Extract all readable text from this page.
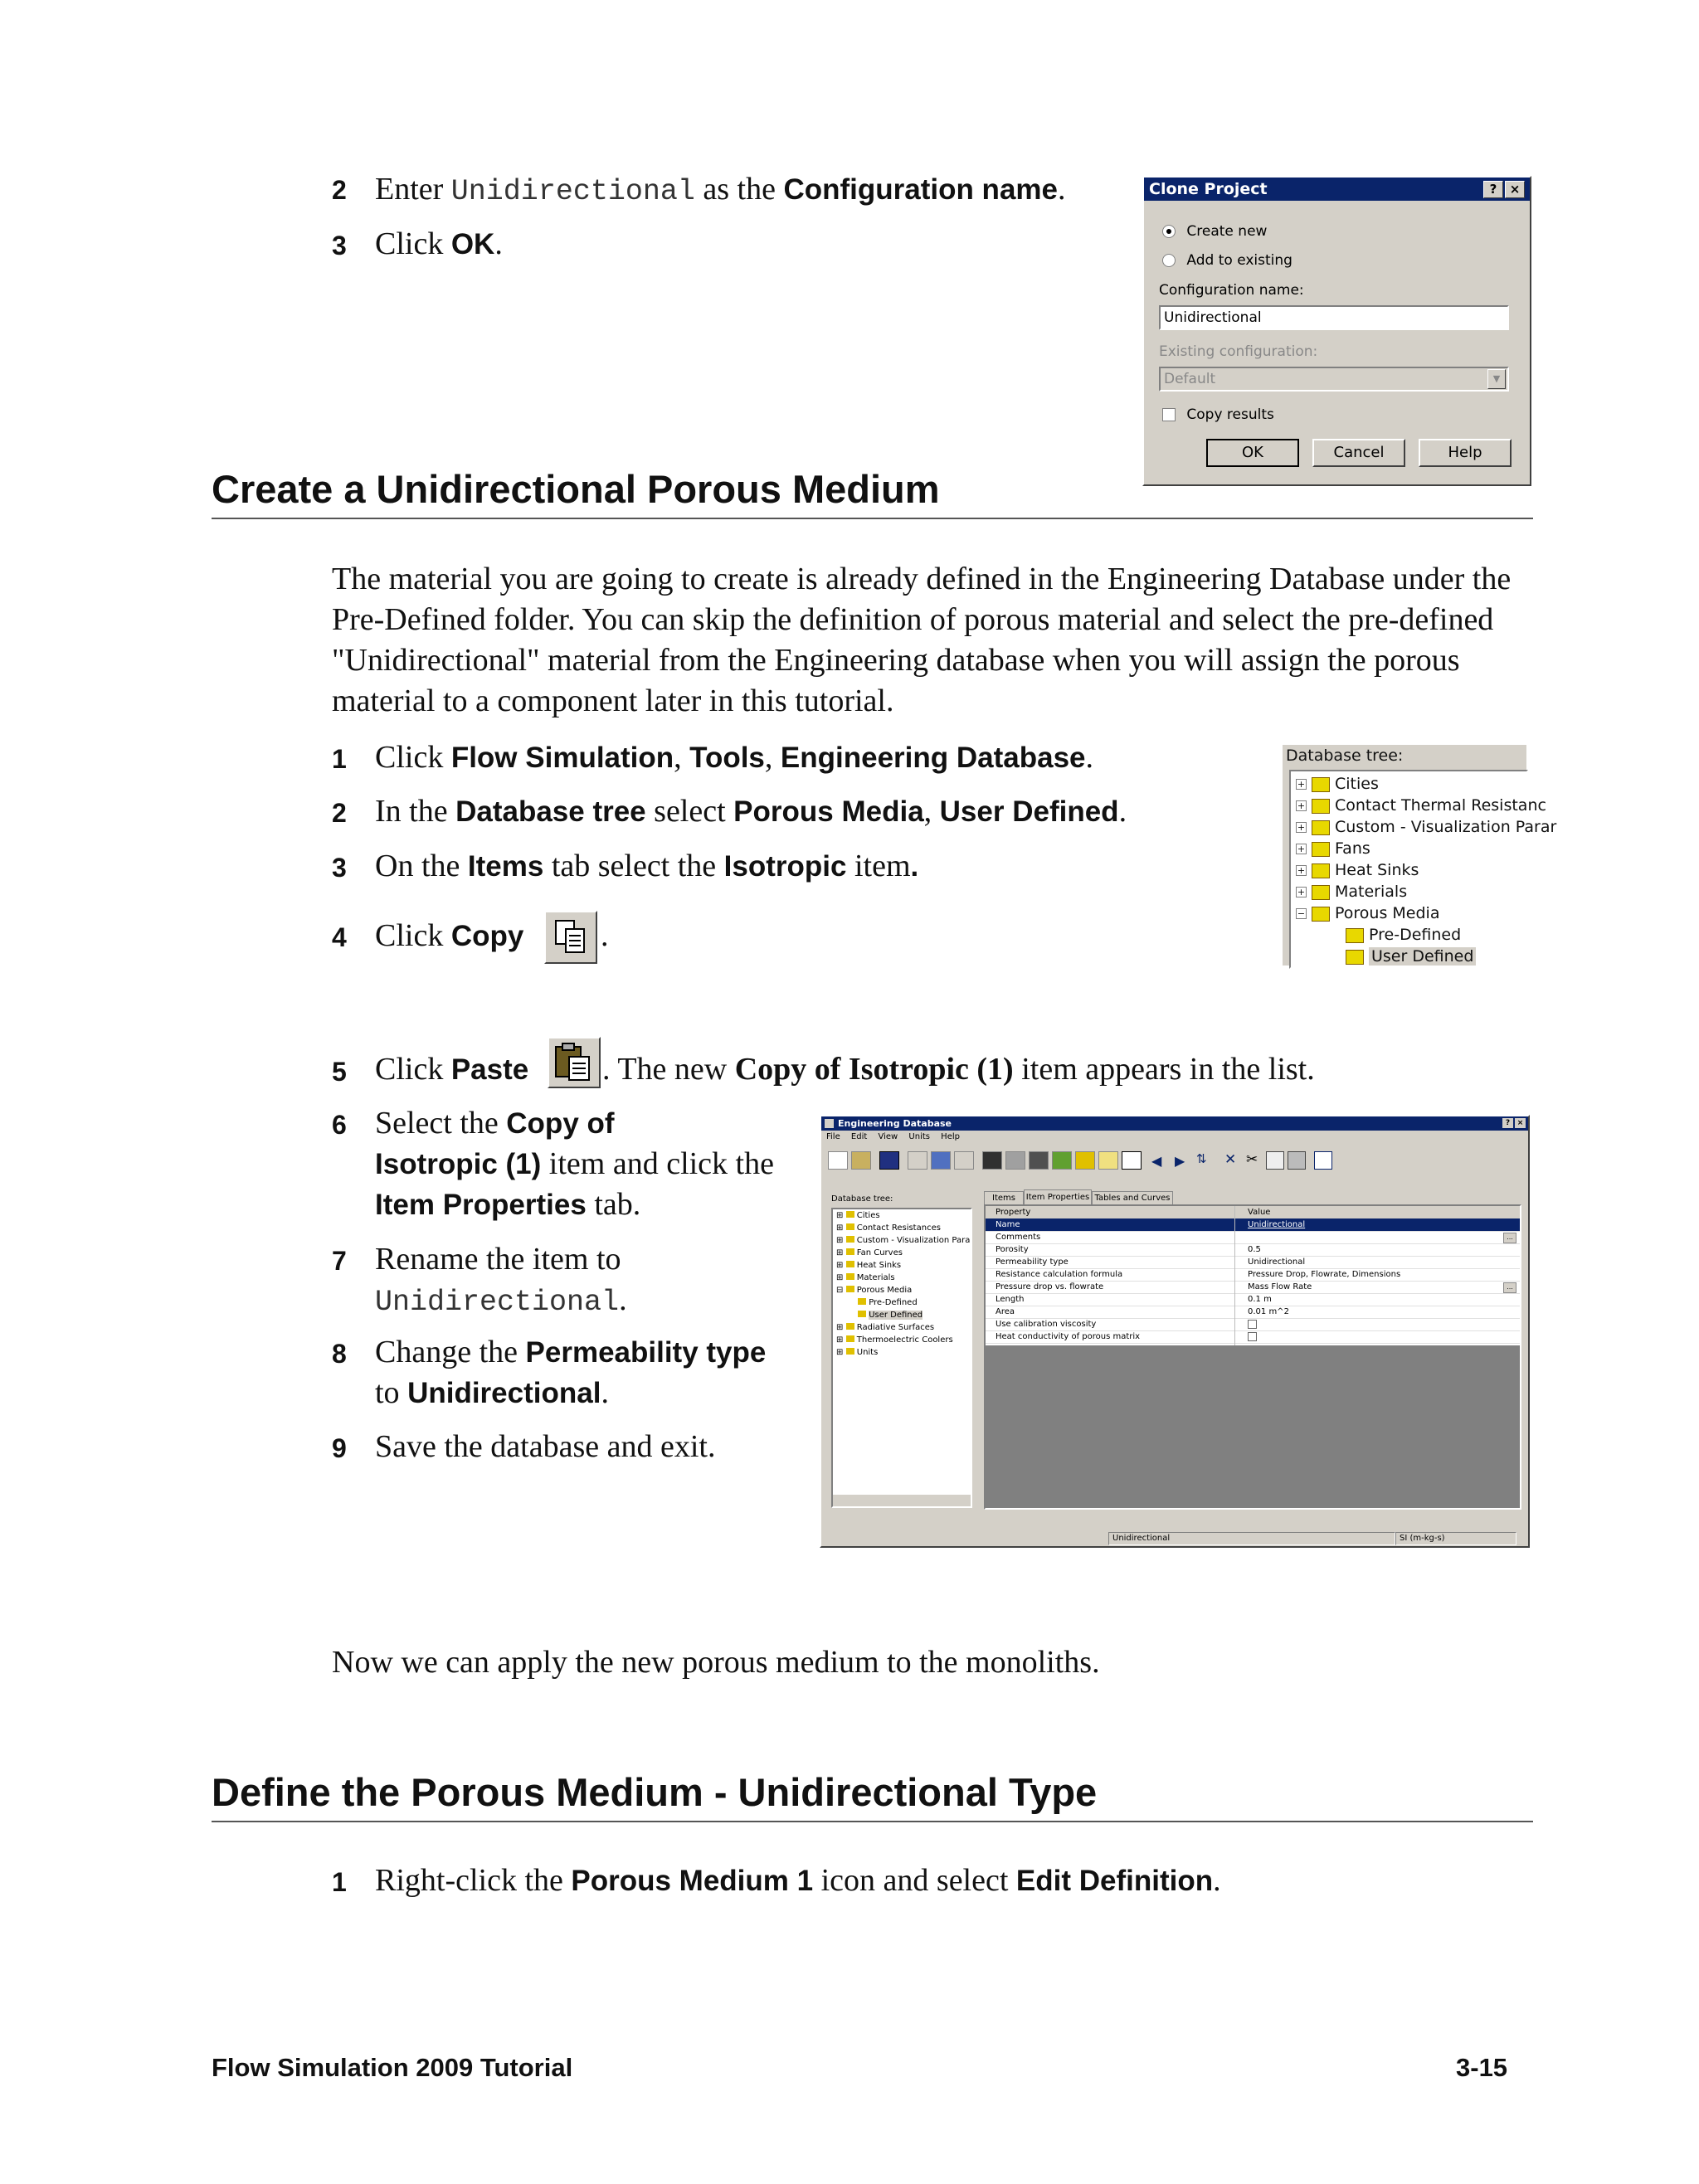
2 Enter Unidirectional as the Configuration name.
3 Click OK.
Clone Project	?	×
Create new
Add to existing
Configuration name:
Unidirectional
Existing configuration:
Default	▼
Copy results
OK	Cancel	Help
Create a Unidirectional Porous Medium
The material you are going to create is already defined in the Engineering Database under the Pre-Defined folder. You can skip the definition of porous material and select the pre-defined "Unidirectional" material from the Engineering database when you will assign the porous material to a component later in this tutorial.
1 Click Flow Simulation, Tools, Engineering Database.
2 In the Database tree select Porous Media, User Defined.
3 On the Items tab select the Isotropic item.
4 Click Copy .
Database tree:
+ Cities
+ Contact Thermal Resistanc
+ Custom - Visualization Parar
+ Fans
+ Heat Sinks
+ Materials
− Porous Media
Pre-Defined
User Defined
5 Click Paste . The new Copy of Isotropic (1) item appears in the list.
6 Select the Copy of
Isotropic (1) item and click the
Item Properties tab.
7 Rename the item to
Unidirectional.
8 Change the Permeability type
to Unidirectional.
9 Save the database and exit.
Engineering Database	? ×
File Edit View Units Help
◀ ▶ ⇅	✕ ✂
Database tree:
⊞  Cities
⊞  Contact Resistances
⊞  Custom - Visualization Para
⊞  Fan Curves
⊞  Heat Sinks
⊞  Materials
⊟  Porous Media
Pre-Defined
User Defined
⊞  Radiative Surfaces
⊞  Thermoelectric Coolers
⊞  Units
Items	Item Properties Tables and Curves
Property	Value
Name	Unidirectional
Comments	...
Porosity	0.5
Permeability type	Unidirectional
Resistance calculation formula	Pressure Drop, Flowrate, Dimensions
Pressure drop vs. flowrate	Mass Flow Rate	...
Length	0.1 m
Area	0.01 m^2
Use calibration viscosity
Heat conductivity of porous matrix
Unidirectional	SI (m-kg-s)
Now we can apply the new porous medium to the monoliths.
Define the Porous Medium - Unidirectional Type
1 Right-click the Porous Medium 1 icon and select Edit Definition.
Flow Simulation 2009 Tutorial	3-15
